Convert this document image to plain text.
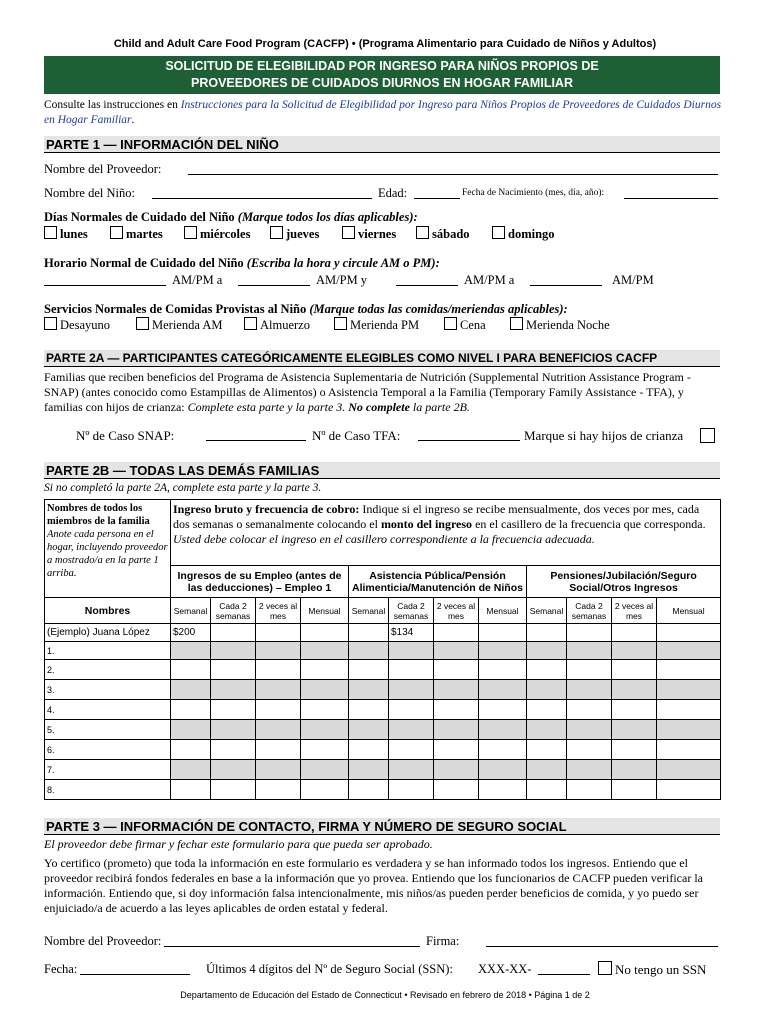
Child and Adult Care Food Program (CACFP) • (Programa Alimentario para Cuidado de Niños y Adultos)
SOLICITUD DE ELEGIBILIDAD POR INGRESO PARA NIÑOS PROPIOS DE
PROVEEDORES DE CUIDADOS DIURNOS EN HOGAR FAMILIAR
Consulte las instrucciones en Instrucciones para la Solicitud de Elegibilidad por Ingreso para Niños Propios de Proveedores de Cuidados Diurnos en Hogar Familiar.
PARTE 1 — INFORMACIÓN DEL NIÑO
Nombre del Proveedor:
Nombre del Niño:	Edad:	Fecha de Nacimiento (mes, día, año):
Días Normales de Cuidado del Niño (Marque todos los días aplicables):
lunes	martes	miércoles	jueves	viernes	sábado	domingo
Horario Normal de Cuidado del Niño (Escriba la hora y circule AM o PM):
AM/PM a	AM/PM y	AM/PM a	AM/PM
Servicios Normales de Comidas Provistas al Niño (Marque todas las comidas/meriendas aplicables):
Desayuno	Merienda AM	Almuerzo	Merienda PM	Cena	Merienda Noche
PARTE 2A — PARTICIPANTES CATEGÓRICAMENTE ELEGIBLES COMO NIVEL I PARA BENEFICIOS CACFP
Familias que reciben beneficios del Programa de Asistencia Suplementaria de Nutrición (Supplemental Nutrition Assistance Program - SNAP) (antes conocido como Estampillas de Alimentos) o Asistencia Temporal a la Familia (Temporary Family Assistance - TFA), y familias con hijos de crianza: Complete esta parte y la parte 3. No complete la parte 2B.
Nº de Caso SNAP:	Nº de Caso TFA:	Marque si hay hijos de crianza
PARTE 2B — TODAS LAS DEMÁS FAMILIAS
Si no completó la parte 2A, complete esta parte y la parte 3.
Nombres de todos los miembros de la familia
Anote cada persona en el hogar, incluyendo proveedor a mostrado/a en la parte 1 arriba.	Ingreso bruto y frecuencia de cobro: Indique si el ingreso se recibe mensualmente, dos veces por mes, cada dos semanas o semanalmente colocando el monto del ingreso en el casillero de la frecuencia que corresponda.
Usted debe colocar el ingreso en el casillero correspondiente a la frecuencia adecuada.											
	Ingresos de su Empleo (antes de las deducciones) – Empleo 1				Asistencia Pública/Pensión Alimenticia/Manutención de Niños				Pensiones/Jubilación/Seguro Social/Otros Ingresos			
Nombres	Semanal	Cada 2 semanas	2 veces al mes	Mensual	Semanal	Cada 2 semanas	2 veces al mes	Mensual	Semanal	Cada 2 semanas	2 veces al mes	Mensual
(Ejemplo) Juana López	$200					$134						
1.												
2.												
3.												
4.												
5.												
6.												
7.												
8.												
PARTE 3 — INFORMACIÓN DE CONTACTO, FIRMA Y NÚMERO DE SEGURO SOCIAL
El proveedor debe firmar y fechar este formulario para que pueda ser aprobado.
Yo certifico (prometo) que toda la información en este formulario es verdadera y se han informado todos los ingresos. Entiendo que el proveedor recibirá fondos federales en base a la información que yo provea. Entiendo que los funcionarios de CACFP pueden verificar la información. Entiendo que, si doy información falsa intencionalmente, mis niños/as pueden perder beneficios de comida, y yo puedo ser enjuiciado/a de acuerdo a las leyes aplicables de orden estatal y federal.
Nombre del Proveedor:	Firma:
Fecha:	Últimos 4 dígitos del Nº de Seguro Social (SSN): XXX-XX-	No tengo un SSN
Departamento de Educación del Estado de Connecticut • Revisado en febrero de 2018 • Página 1 de 2
